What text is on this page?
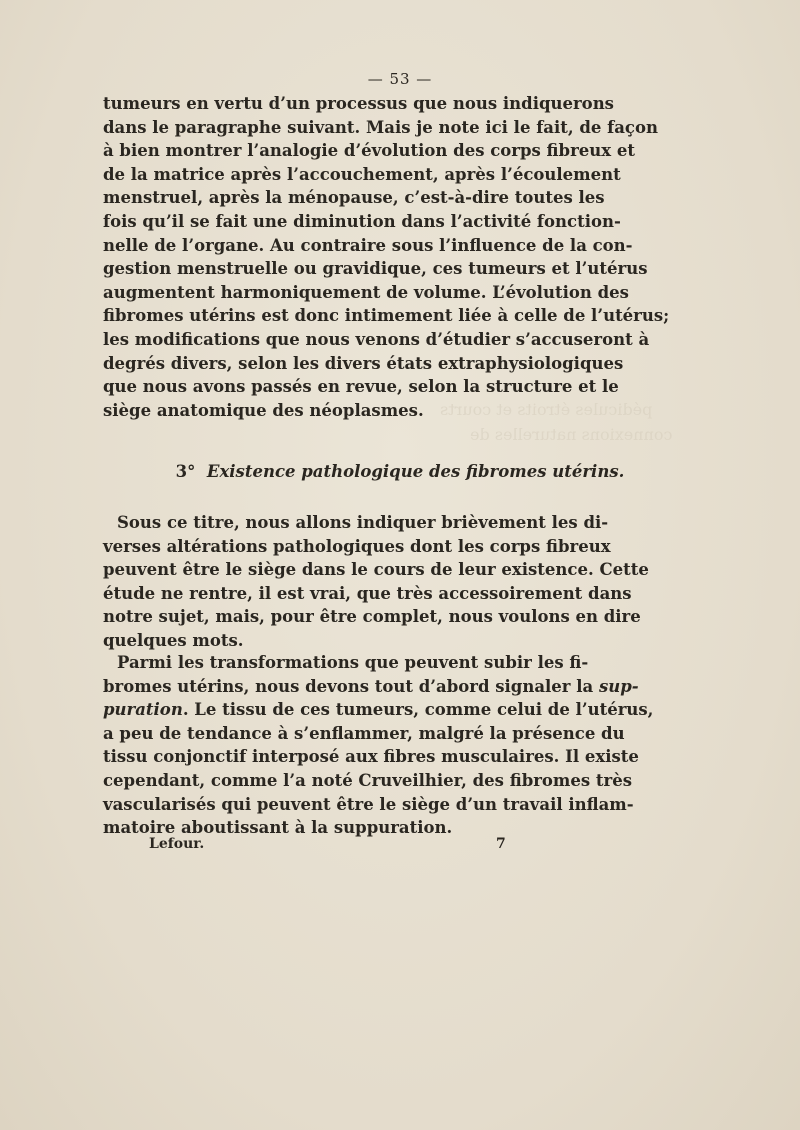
pédicules étroits et courts
connexions naturelles de
— 53 —
tumeurs en vertu d’un processus que nous indiquerons
dans le paragraphe suivant. Mais je note ici le fait, de façon
à bien montrer l’analogie d’évolution des corps fibreux et
de la matrice après l’accouchement, après l’écoulement
menstruel, après la ménopause, c’est-à-dire toutes les
fois qu’il se fait une diminution dans l’activité fonction-
nelle de l’organe. Au contraire sous l’influence de la con-
gestion menstruelle ou gravidique, ces tumeurs et l’utérus
augmentent harmoniquement de volume. L’évolution des
fibromes utérins est donc intimement liée à celle de l’utérus;
les modifications que nous venons d’étudier s’accuseront à
degrés divers, selon les divers états extraphysiologiques
que nous avons passés en revue, selon la structure et le
siège anatomique des néoplasmes.
3° Existence pathologique des fibromes utérins.
Sous ce titre, nous allons indiquer brièvement les di-
verses altérations pathologiques dont les corps fibreux
peuvent être le siège dans le cours de leur existence. Cette
étude ne rentre, il est vrai, que très accessoirement dans
notre sujet, mais, pour être complet, nous voulons en dire
quelques mots.
Parmi les transformations que peuvent subir les fi-
bromes utérins, nous devons tout d’abord signaler la sup-
puration. Le tissu de ces tumeurs, comme celui de l’utérus,
a peu de tendance à s’enflammer, malgré la présence du
tissu conjonctif interposé aux fibres musculaires. Il existe
cependant, comme l’a noté Cruveilhier, des fibromes très
vascularisés qui peuvent être le siège d’un travail inflam-
matoire aboutissant à la suppuration.
Lefour.	7
